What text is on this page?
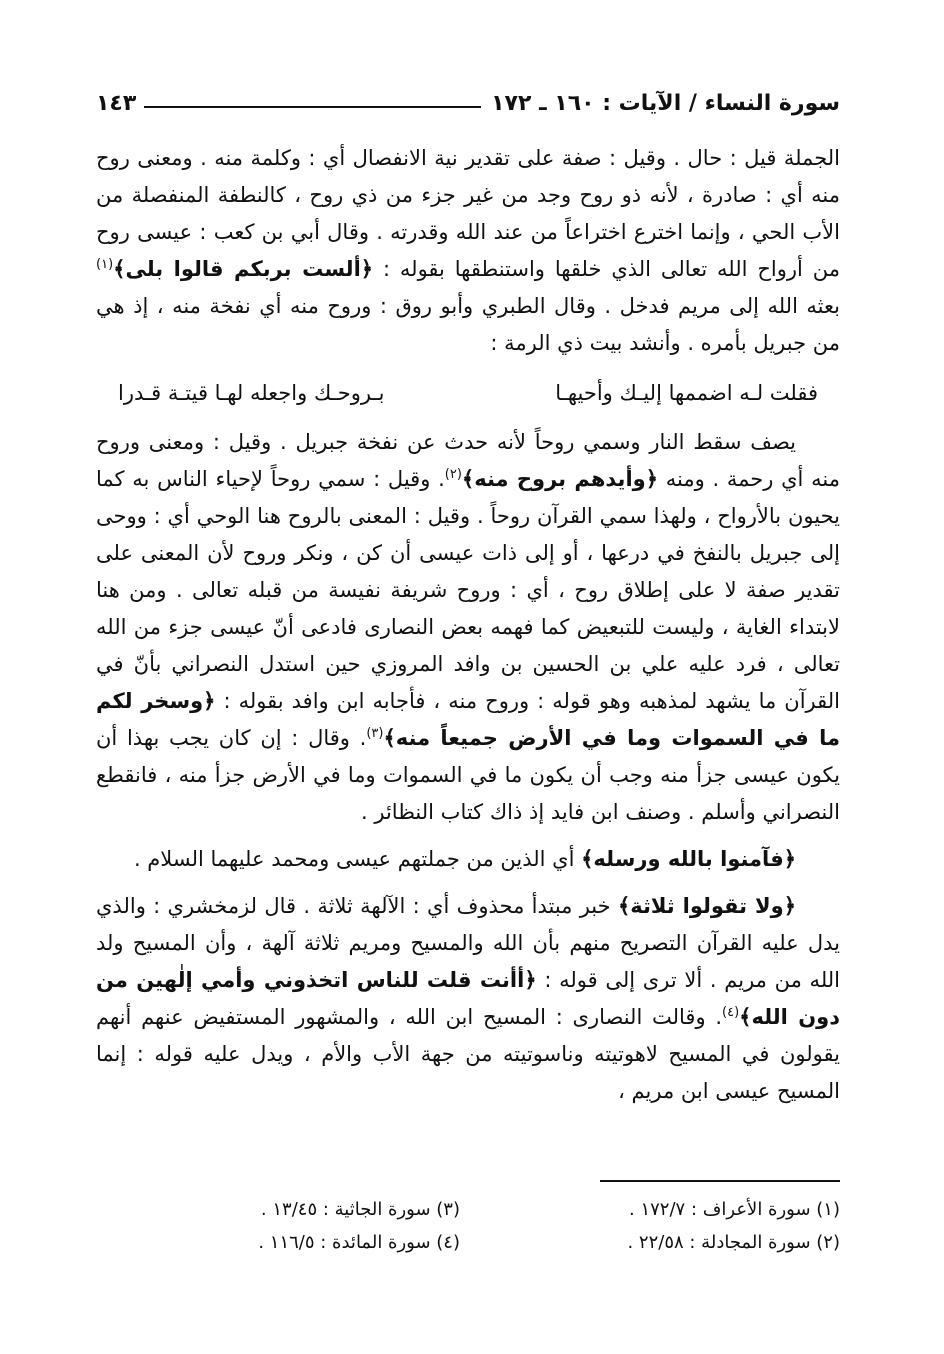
سورة النساء / الآيات : ١٦٠ ـ ١٧٢
١٤٣

الجملة قيل : حال . وقيل : صفة على تقدير نية الانفصال أي : وكلمة منه . ومعنى روح منه أي : صادرة ، لأنه ذو روح وجد من غير جزء من ذي روح ، كالنطفة المنفصلة من الأب الحي ، وإنما اخترع اختراعاً من عند الله وقدرته . وقال أبي بن كعب : عيسى روح من أرواح الله تعالى الذي خلقها واستنطقها بقوله : ﴿ألست بربكم قالوا بلى﴾$^{(١)}$ بعثه الله إلى مريم فدخل . وقال الطبري وأبو روق : وروح منه أي نفخة منه ، إذ هي من جبريل بأمره . وأنشد بيت ذي الرمة :

فقلت لـه اضممها إليـك وأحيهـا
بـروحـك واجعله لهـا قيتـة قـدرا

يصف سقط النار وسمي روحاً لأنه حدث عن نفخة جبريل . وقيل : ومعنى وروح منه أي رحمة . ومنه ﴿وأيدهم بروح منه﴾$^{(٢)}$. وقيل : سمي روحاً لإحياء الناس به كما يحيون بالأرواح ، ولهذا سمي القرآن روحاً . وقيل : المعنى بالروح هنا الوحي أي : ووحى إلى جبريل بالنفخ في درعها ، أو إلى ذات عيسى أن كن ، ونكر وروح لأن المعنى على تقدير صفة لا على إطلاق روح ، أي : وروح شريفة نفيسة من قبله تعالى . ومن هنا لابتداء الغاية ، وليست للتبعيض كما فهمه بعض النصارى فادعى أنّ عيسى جزء من الله تعالى ، فرد عليه علي بن الحسين بن وافد المروزي حين استدل النصراني بأنّ في القرآن ما يشهد لمذهبه وهو قوله : وروح منه ، فأجابه ابن وافد بقوله : ﴿وسخر لكم ما في السموات وما في الأرض جميعاً منه﴾$^{(٣)}$. وقال : إن كان يجب بهذا أن يكون عيسى جزأ منه وجب أن يكون ما في السموات وما في الأرض جزأ منه ، فانقطع النصراني وأسلم . وصنف ابن فايد إذ ذاك كتاب النظائر .

﴿فآمنوا بالله ورسله﴾ أي الذين من جملتهم عيسى ومحمد عليهما السلام .

﴿ولا تقولوا ثلاثة﴾ خبر مبتدأ محذوف أي : الآلهة ثلاثة . قال لزمخشري : والذي يدل عليه القرآن التصريح منهم بأن الله والمسيح ومريم ثلاثة آلهة ، وأن المسيح ولد الله من مريم . ألا ترى إلى قوله : ﴿أأنت قلت للناس اتخذوني وأمي إلٰهين من دون الله﴾$^{(٤)}$. وقالت النصارى : المسيح ابن الله ، والمشهور المستفيض عنهم أنهم يقولون في المسيح لاهوتيته وناسوتيته من جهة الأب والأم ، ويدل عليه قوله : إنما المسيح عيسى ابن مريم ،

(١) سورة الأعراف : ١٧٢/٧ .
(٣) سورة الجاثية : ١٣/٤٥ .
(٢) سورة المجادلة : ٢٢/٥٨ .
(٤) سورة المائدة : ١١٦/٥ .
